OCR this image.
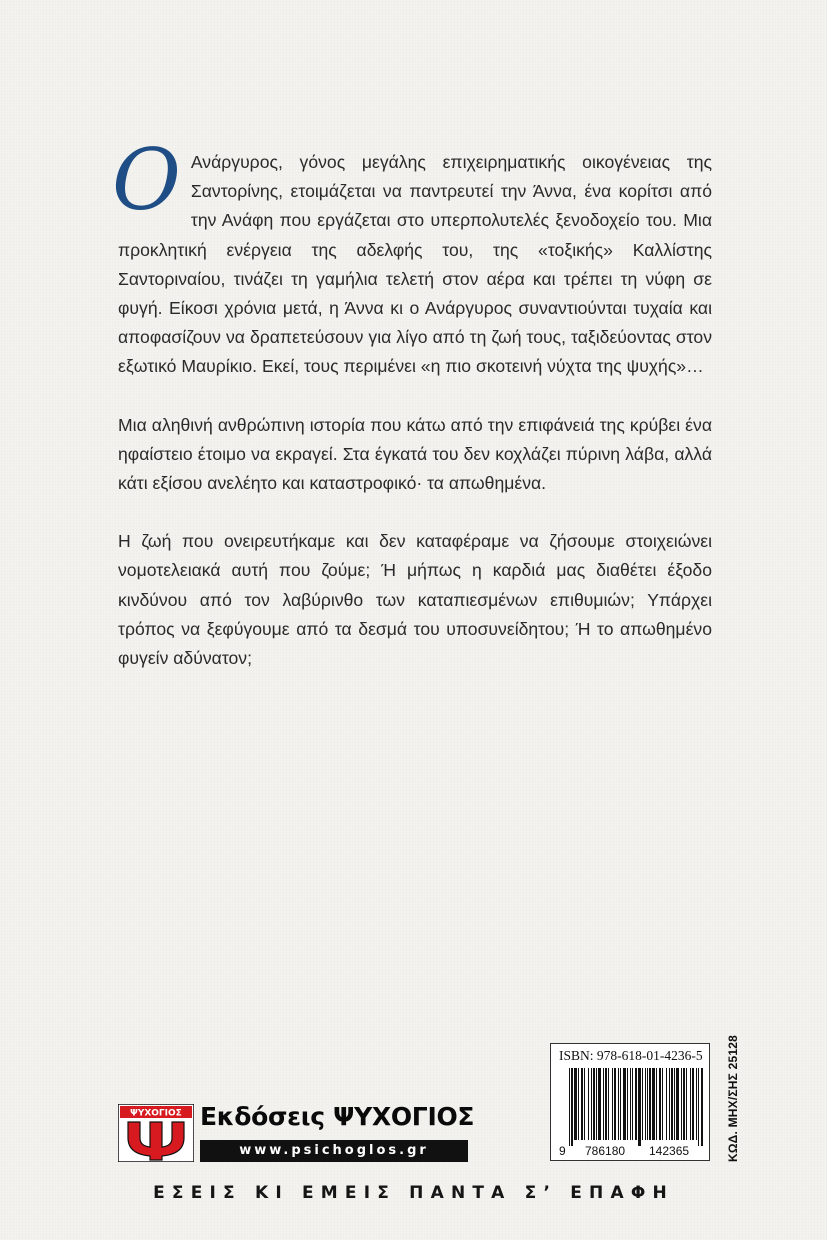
Ο Ανάργυρος, γόνος μεγάλης επιχειρηματικής οικογένειας της Σαντορίνης, ετοιμάζεται να παντρευτεί την Άννα, ένα κορίτσι από την Ανάφη που εργάζεται στο υπερπολυτελές ξενοδοχείο του. Μια προκλητική ενέργεια της αδελφής του, της «τοξικής» Καλλίστης Σαντοριναίου, τινάζει τη γαμήλια τελετή στον αέρα και τρέπει τη νύφη σε φυγή. Είκοσι χρόνια μετά, η Άννα κι ο Ανάργυρος συναντιούνται τυχαία και αποφασίζουν να δραπετεύσουν για λίγο από τη ζωή τους, ταξιδεύοντας στον εξωτικό Μαυρίκιο. Εκεί, τους περιμένει «η πιο σκοτεινή νύχτα της ψυχής»…

Μια αληθινή ανθρώπινη ιστορία που κάτω από την επιφάνειά της κρύβει ένα ηφαίστειο έτοιμο να εκραγεί. Στα έγκατά του δεν κοχλάζει πύρινη λάβα, αλλά κάτι εξίσου ανελέητο και καταστροφικό· τα απωθημένα.

Η ζωή που ονειρευτήκαμε και δεν καταφέραμε να ζήσουμε στοιχειώνει νομοτελειακά αυτή που ζούμε; Ή μήπως η καρδιά μας διαθέτει έξοδο κινδύνου από τον λαβύρινθο των καταπιεσμένων επιθυμιών; Υπάρχει τρόπος να ξεφύγουμε από τα δεσμά του υποσυνείδητου; Ή το απωθημένο φυγείν αδύνατον;

ISBN: 978-618-01-4236-5
9 786180 142365	ΚΩΔ. ΜΗΧ/ΣΗΣ 25128
ΨΥΧΟΓΙΟΣ Εκδόσεις ΨΥΧΟΓΙΟΣ
www.psichoglos.gr
ΕΣΕΙΣ ΚΙ ΕΜΕΙΣ ΠΑΝΤΑ Σ’ ΕΠΑΦΗ
